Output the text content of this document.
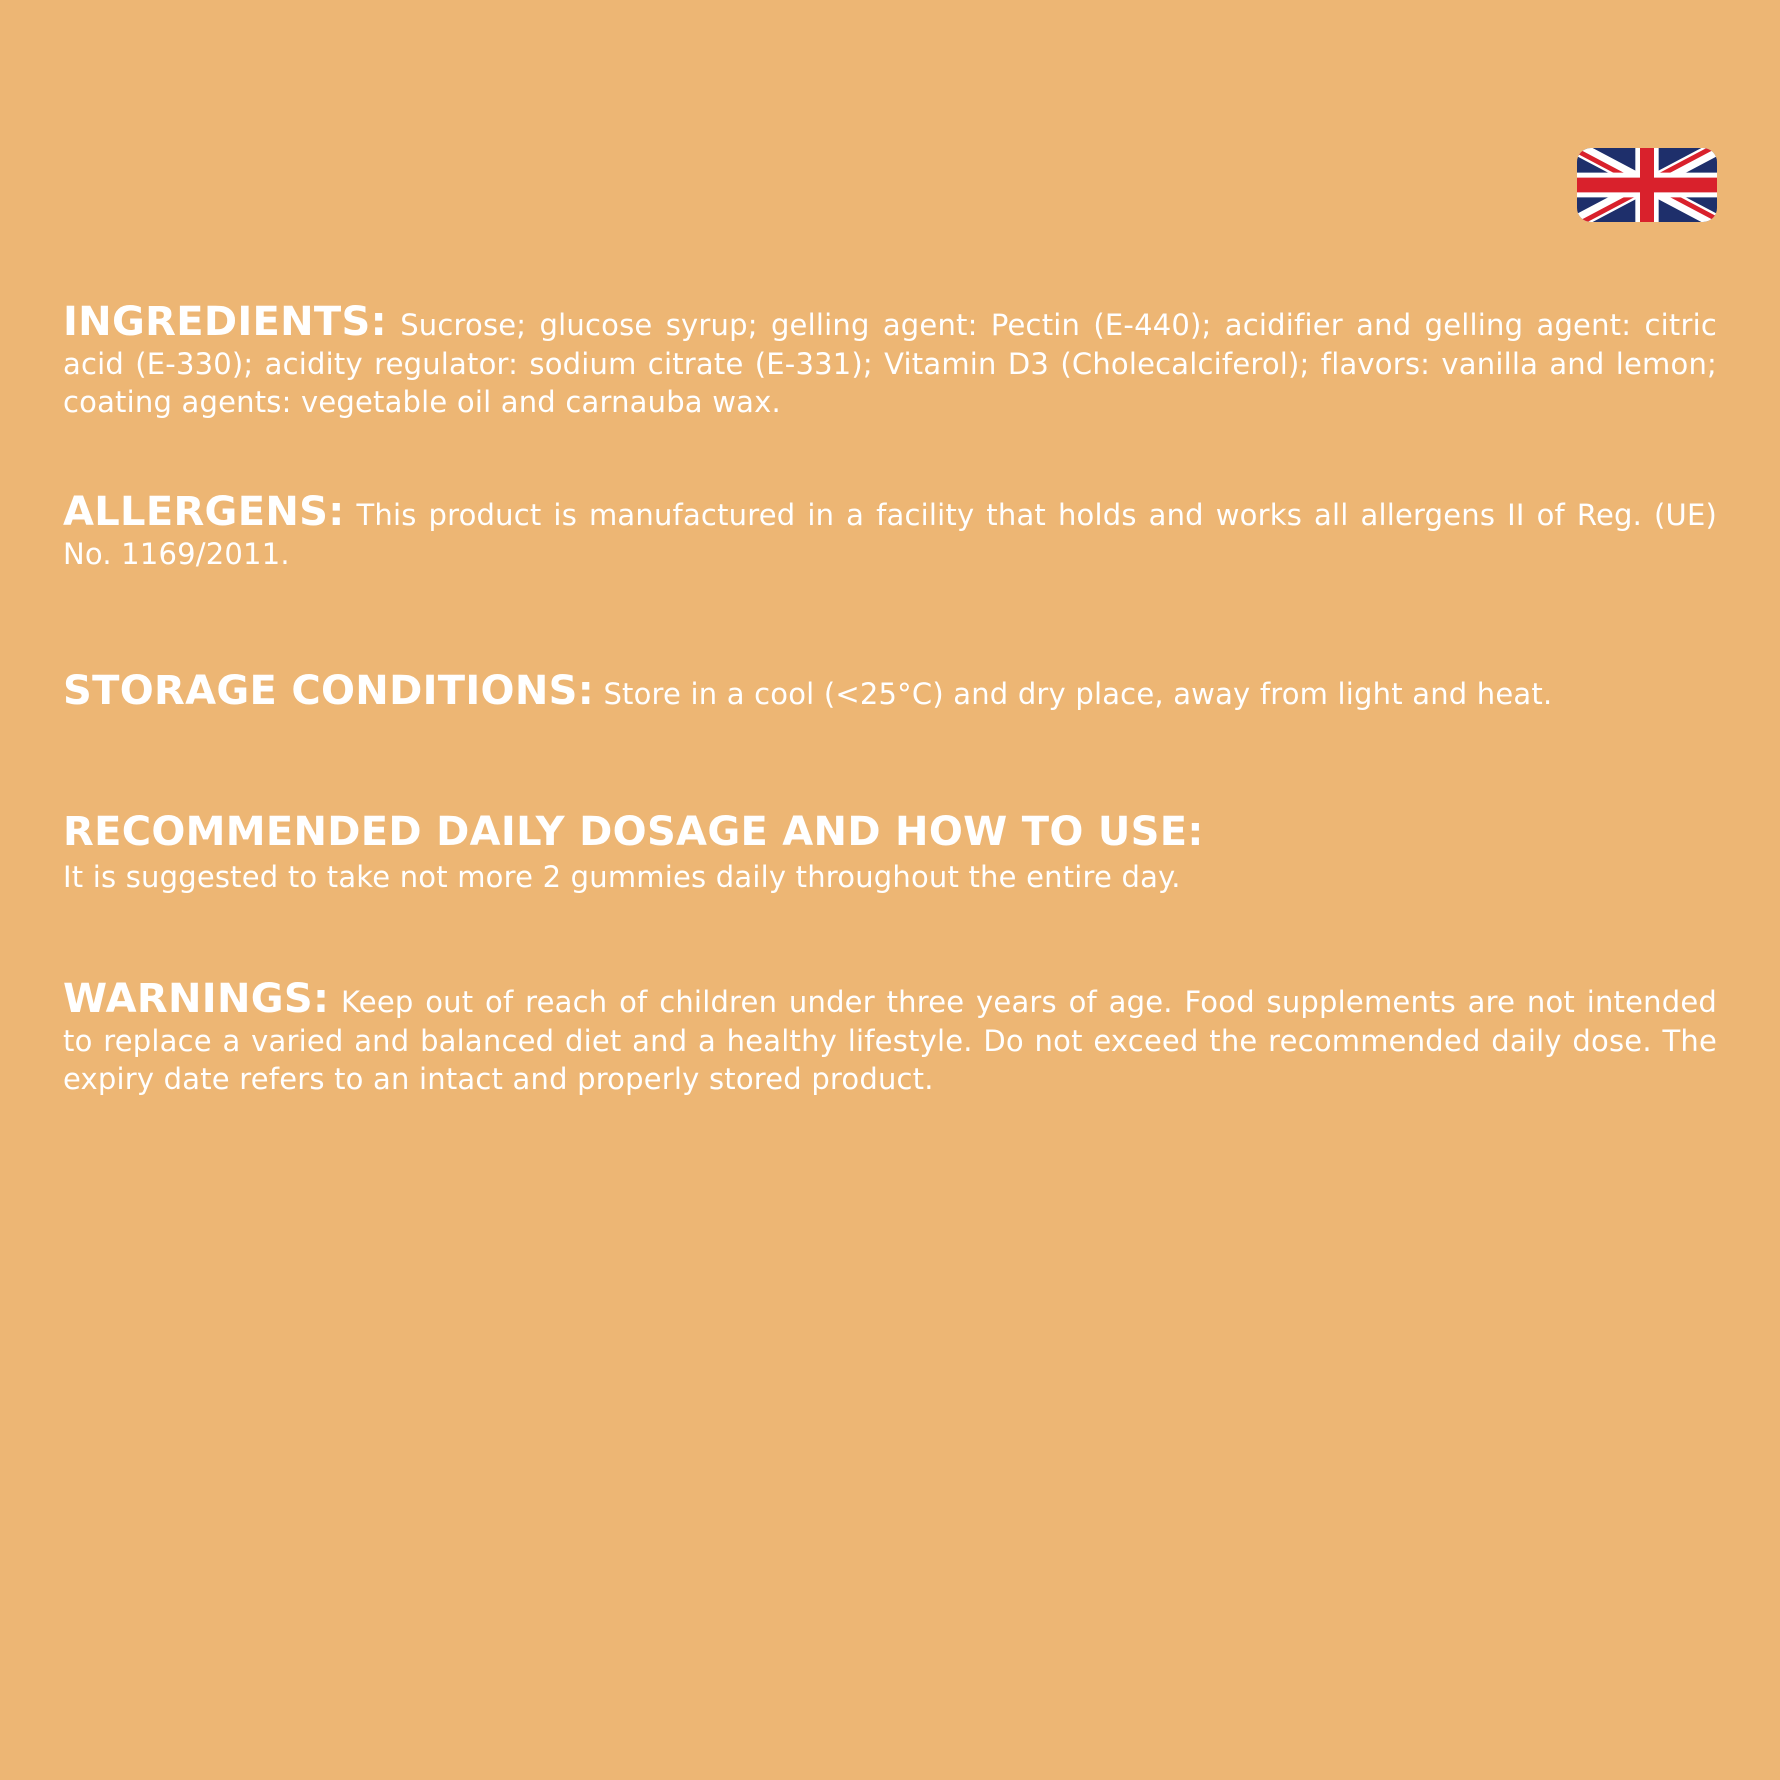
INGREDIENTS: Sucrose; glucose syrup; gelling agent: Pectin (E-440); acidifier and gelling agent: citric acid (E-330); acidity regulator: sodium citrate (E-331); Vitamin D3 (Cholecalciferol); flavors: vanilla and lemon; coating agents: vegetable oil and carnauba wax.
ALLERGENS: This product is manufactured in a facility that holds and works all allergens II of Reg. (UE) No. 1169/2011.
STORAGE CONDITIONS: Store in a cool (<25°C) and dry place, away from light and heat.
RECOMMENDED DAILY DOSAGE AND HOW TO USE:
It is suggested to take not more 2 gummies daily throughout the entire day.
WARNINGS: Keep out of reach of children under three years of age. Food supplements are not intended to replace a varied and balanced diet and a healthy lifestyle. Do not exceed the recommended daily dose. The expiry date refers to an intact and properly stored product.
